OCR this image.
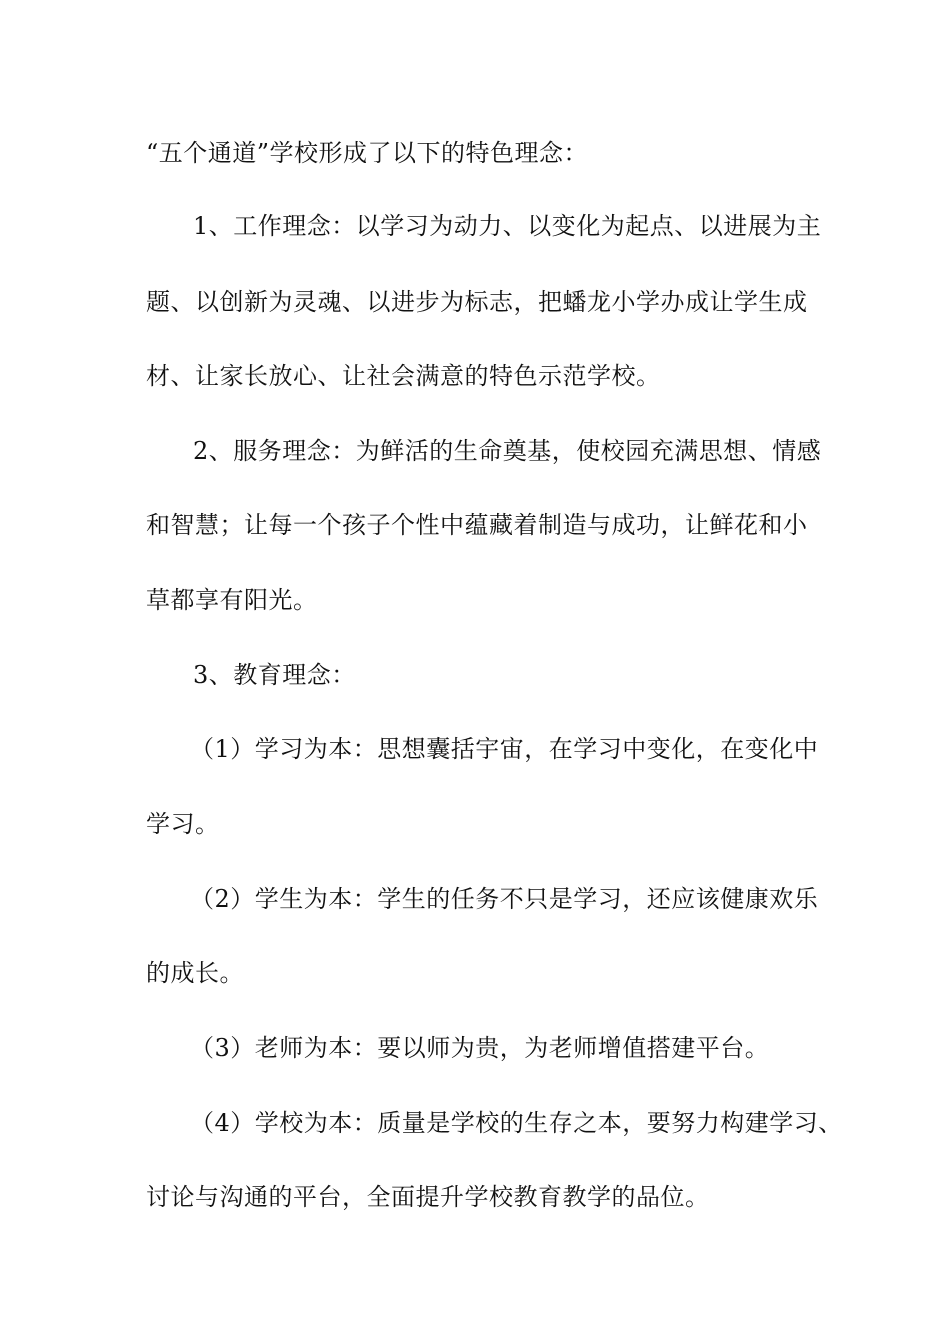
“五个通道”学校形成了以下的特色理念：
1、工作理念：以学习为动力、以变化为起点、以进展为主
题、以创新为灵魂、以进步为标志，把蟠龙小学办成让学生成
材、让家长放心、让社会满意的特色示范学校。
2、服务理念：为鲜活的生命奠基，使校园充满思想、情感
和智慧；让每一个孩子个性中蕴藏着制造与成功，让鲜花和小
草都享有阳光。
3、教育理念：
（1）学习为本：思想囊括宇宙，在学习中变化，在变化中
学习。
（2）学生为本：学生的任务不只是学习，还应该健康欢乐
的成长。
（3）老师为本：要以师为贵，为老师增值搭建平台。
（4）学校为本：质量是学校的生存之本，要努力构建学习、
讨论与沟通的平台，全面提升学校教育教学的品位。
